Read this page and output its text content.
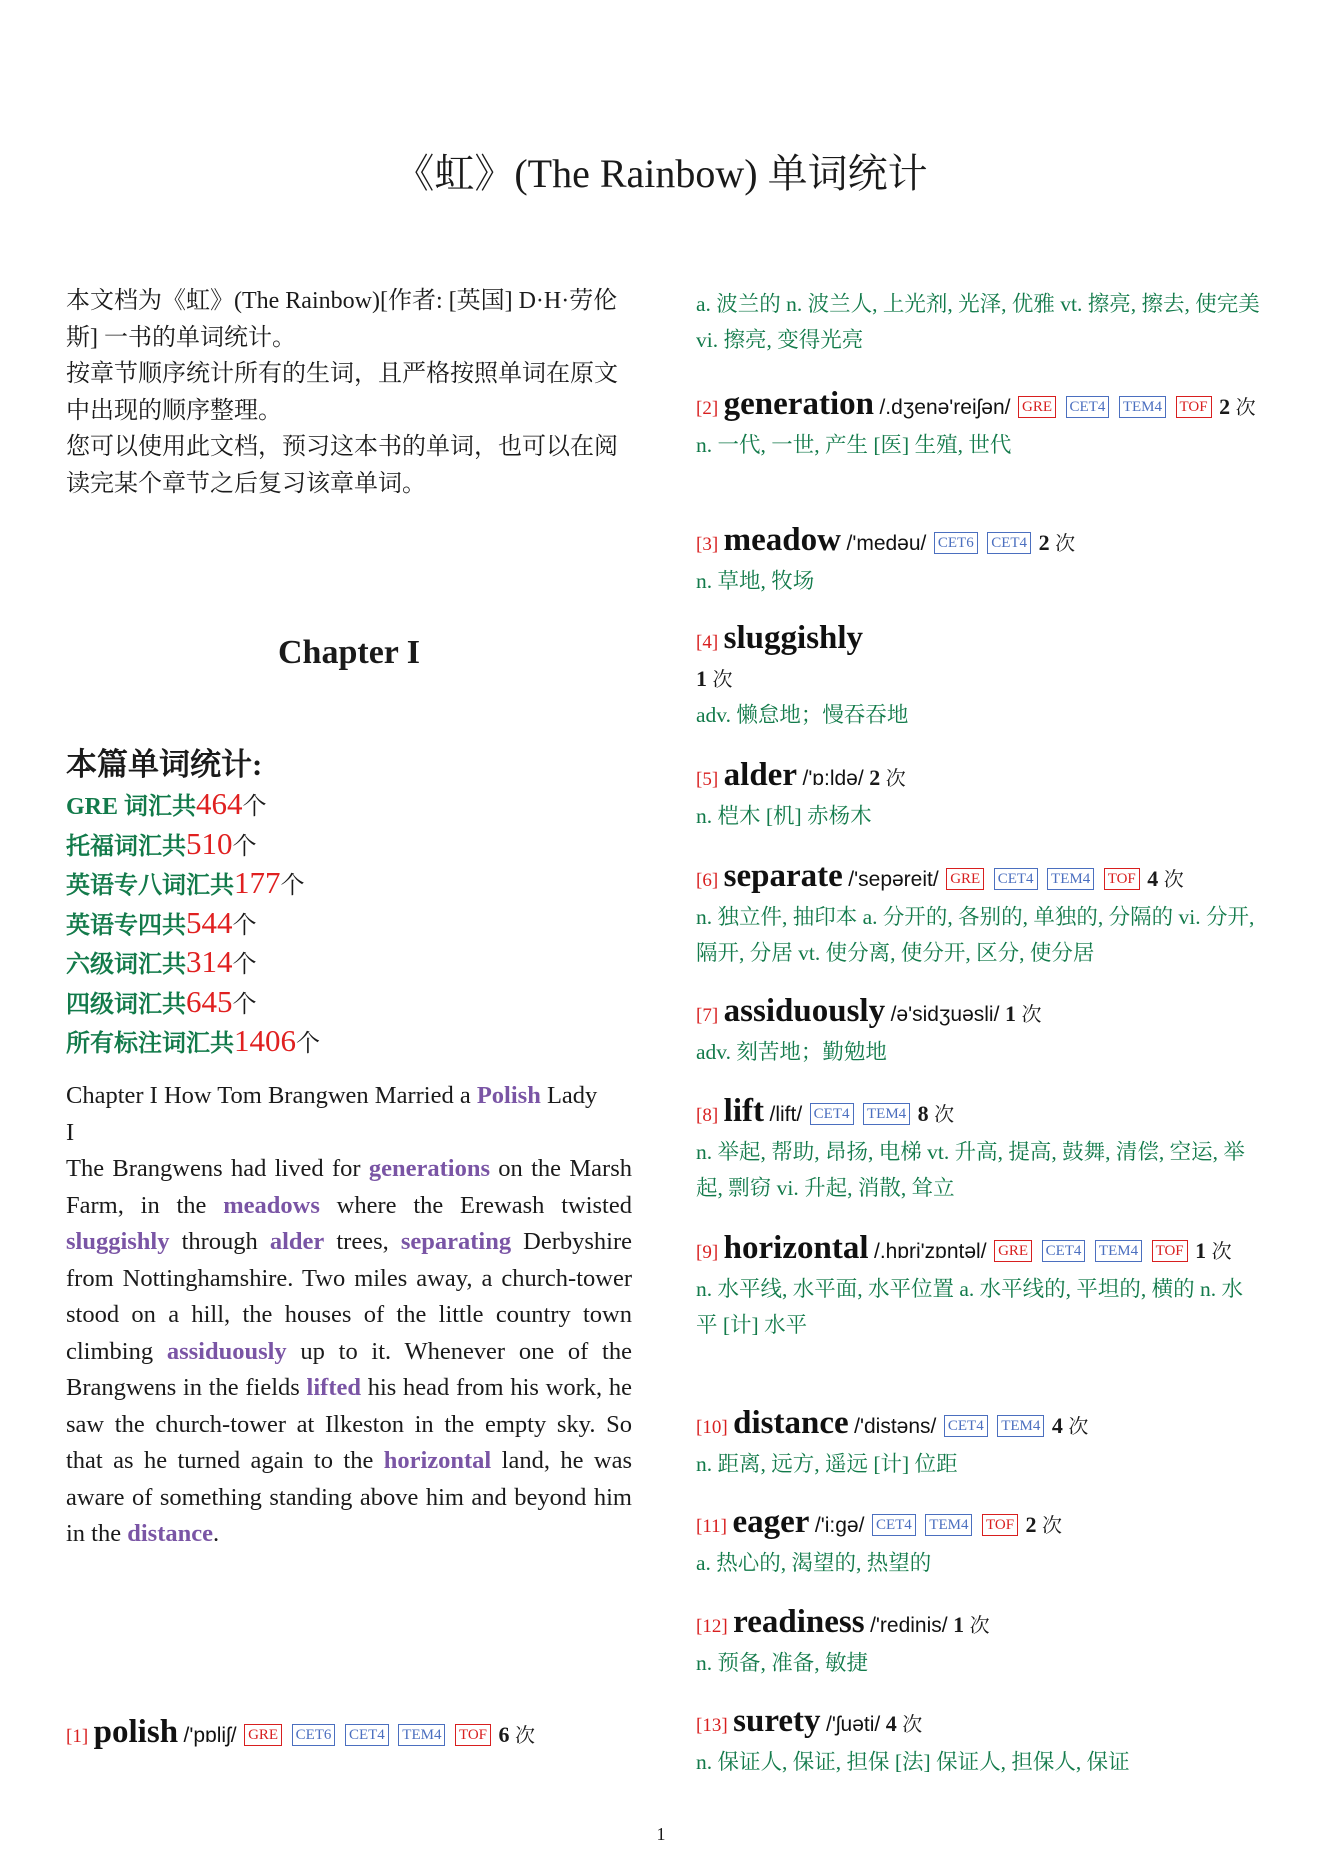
《虹》(The Rainbow) 单词统计
本文档为《虹》(The Rainbow)[作者: [英国] D·H·劳伦斯] 一书的单词统计。
按章节顺序统计所有的生词，且严格按照单词在原文中出现的顺序整理。
您可以使用此文档，预习这本书的单词，也可以在阅读完某个章节之后复习该章单词。
Chapter I
本篇单词统计:
GRE 词汇共464个
托福词汇共510个
英语专八词汇共177个
英语专四共544个
六级词汇共314个
四级词汇共645个
所有标注词汇共1406个
Chapter I How Tom Brangwen Married a Polish Lady
I
The Brangwens had lived for generations on the Marsh Farm, in the meadows where the Erewash twisted sluggishly through alder trees, separating Derbyshire from Nottinghamshire. Two miles away, a church-tower stood on a hill, the houses of the little country town climbing assiduously up to it. Whenever one of the Brangwens in the fields lifted his head from his work, he saw the church-tower at Ilkeston in the empty sky. So that as he turned again to the horizontal land, he was aware of something standing above him and beyond him in the distance.
[1] polish /'pɒliʃ/ GRE CET6 CET4 TEM4 TOF 6 次
a. 波兰的 n. 波兰人, 上光剂, 光泽, 优雅 vt. 擦亮, 擦去, 使完美 vi. 擦亮, 变得光亮
[2] generation /.dʒenə'reiʃən/ GRE CET4 TEM4 TOF 2 次
n. 一代, 一世, 产生 [医] 生殖, 世代
[3] meadow /'medəu/ CET6 CET4 2 次
n. 草地, 牧场
[4] sluggishly
1 次
adv. 懒怠地；慢吞吞地
[5] alder /'ɒ:ldə/ 2 次
n. 桤木 [机] 赤杨木
[6] separate /'sepəreit/ GRE CET4 TEM4 TOF 4 次
n. 独立件, 抽印本 a. 分开的, 各别的, 单独的, 分隔的 vi. 分开, 隔开, 分居 vt. 使分离, 使分开, 区分, 使分居
[7] assiduously /ə'sidʒuəsli/ 1 次
adv. 刻苦地；勤勉地
[8] lift /lift/ CET4 TEM4 8 次
n. 举起, 帮助, 昂扬, 电梯 vt. 升高, 提高, 鼓舞, 清偿, 空运, 举起, 剽窃 vi. 升起, 消散, 耸立
[9] horizontal /.hɒri'zɒntəl/ GRE CET4 TEM4 TOF 1 次
n. 水平线, 水平面, 水平位置 a. 水平线的, 平坦的, 横的 n. 水平 [计] 水平
[10] distance /'distəns/ CET4 TEM4 4 次
n. 距离, 远方, 遥远 [计] 位距
[11] eager /'i:gə/ CET4 TEM4 TOF 2 次
a. 热心的, 渴望的, 热望的
[12] readiness /'redinis/ 1 次
n. 预备, 准备, 敏捷
[13] surety /'ʃuəti/ 4 次
n. 保证人, 保证, 担保 [法] 保证人, 担保人, 保证
1
